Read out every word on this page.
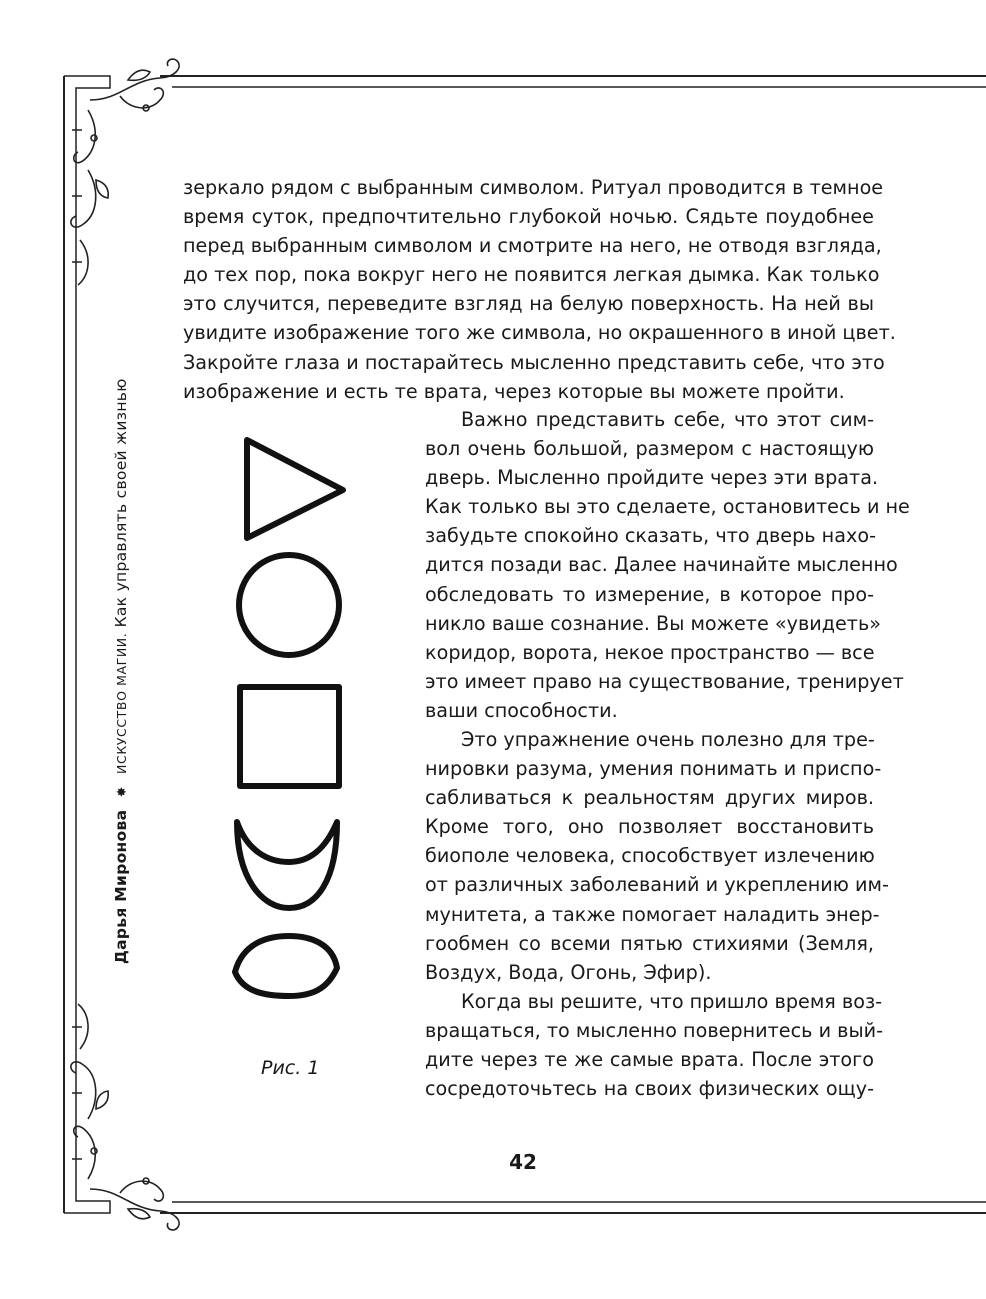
Дарья Миронова ✸ ИСКУССТВО МАГИИ. Как управлять своей жизнью
зеркало рядом с выбранным символом. Ритуал проводится в темное
время суток, предпочтительно глубокой ночью. Сядьте поудобнее
перед выбранным символом и смотрите на него, не отводя взгляда,
до тех пор, пока вокруг него не появится легкая дымка. Как только
это случится, переведите взгляд на белую поверхность. На ней вы
увидите изображение того же символа, но окрашенного в иной цвет.
Закройте глаза и постарайтесь мысленно представить себе, что это
изображение и есть те врата, через которые вы можете пройти.
Важно представить себе, что этот сим-
вол очень большой, размером с настоящую
дверь. Мысленно пройдите через эти врата.
Как только вы это сделаете, остановитесь и не
забудьте спокойно сказать, что дверь нахо-
дится позади вас. Далее начинайте мысленно
обследовать то измерение, в которое про-
никло ваше сознание. Вы можете «увидеть»
коридор, ворота, некое пространство — все
это имеет право на существование, тренирует
ваши способности.
Это упражнение очень полезно для тре-
нировки разума, умения понимать и приспо-
сабливаться к реальностям других миров.
Кроме того, оно позволяет восстановить
биополе человека, способствует излечению
от различных заболеваний и укреплению им-
мунитета, а также помогает наладить энер-
гообмен со всеми пятью стихиями (Земля,
Воздух, Вода, Огонь, Эфир).
Когда вы решите, что пришло время воз-
вращаться, то мысленно повернитесь и вый-
дите через те же самые врата. После этого
сосредоточьтесь на своих физических ощу-
Рис. 1
42
